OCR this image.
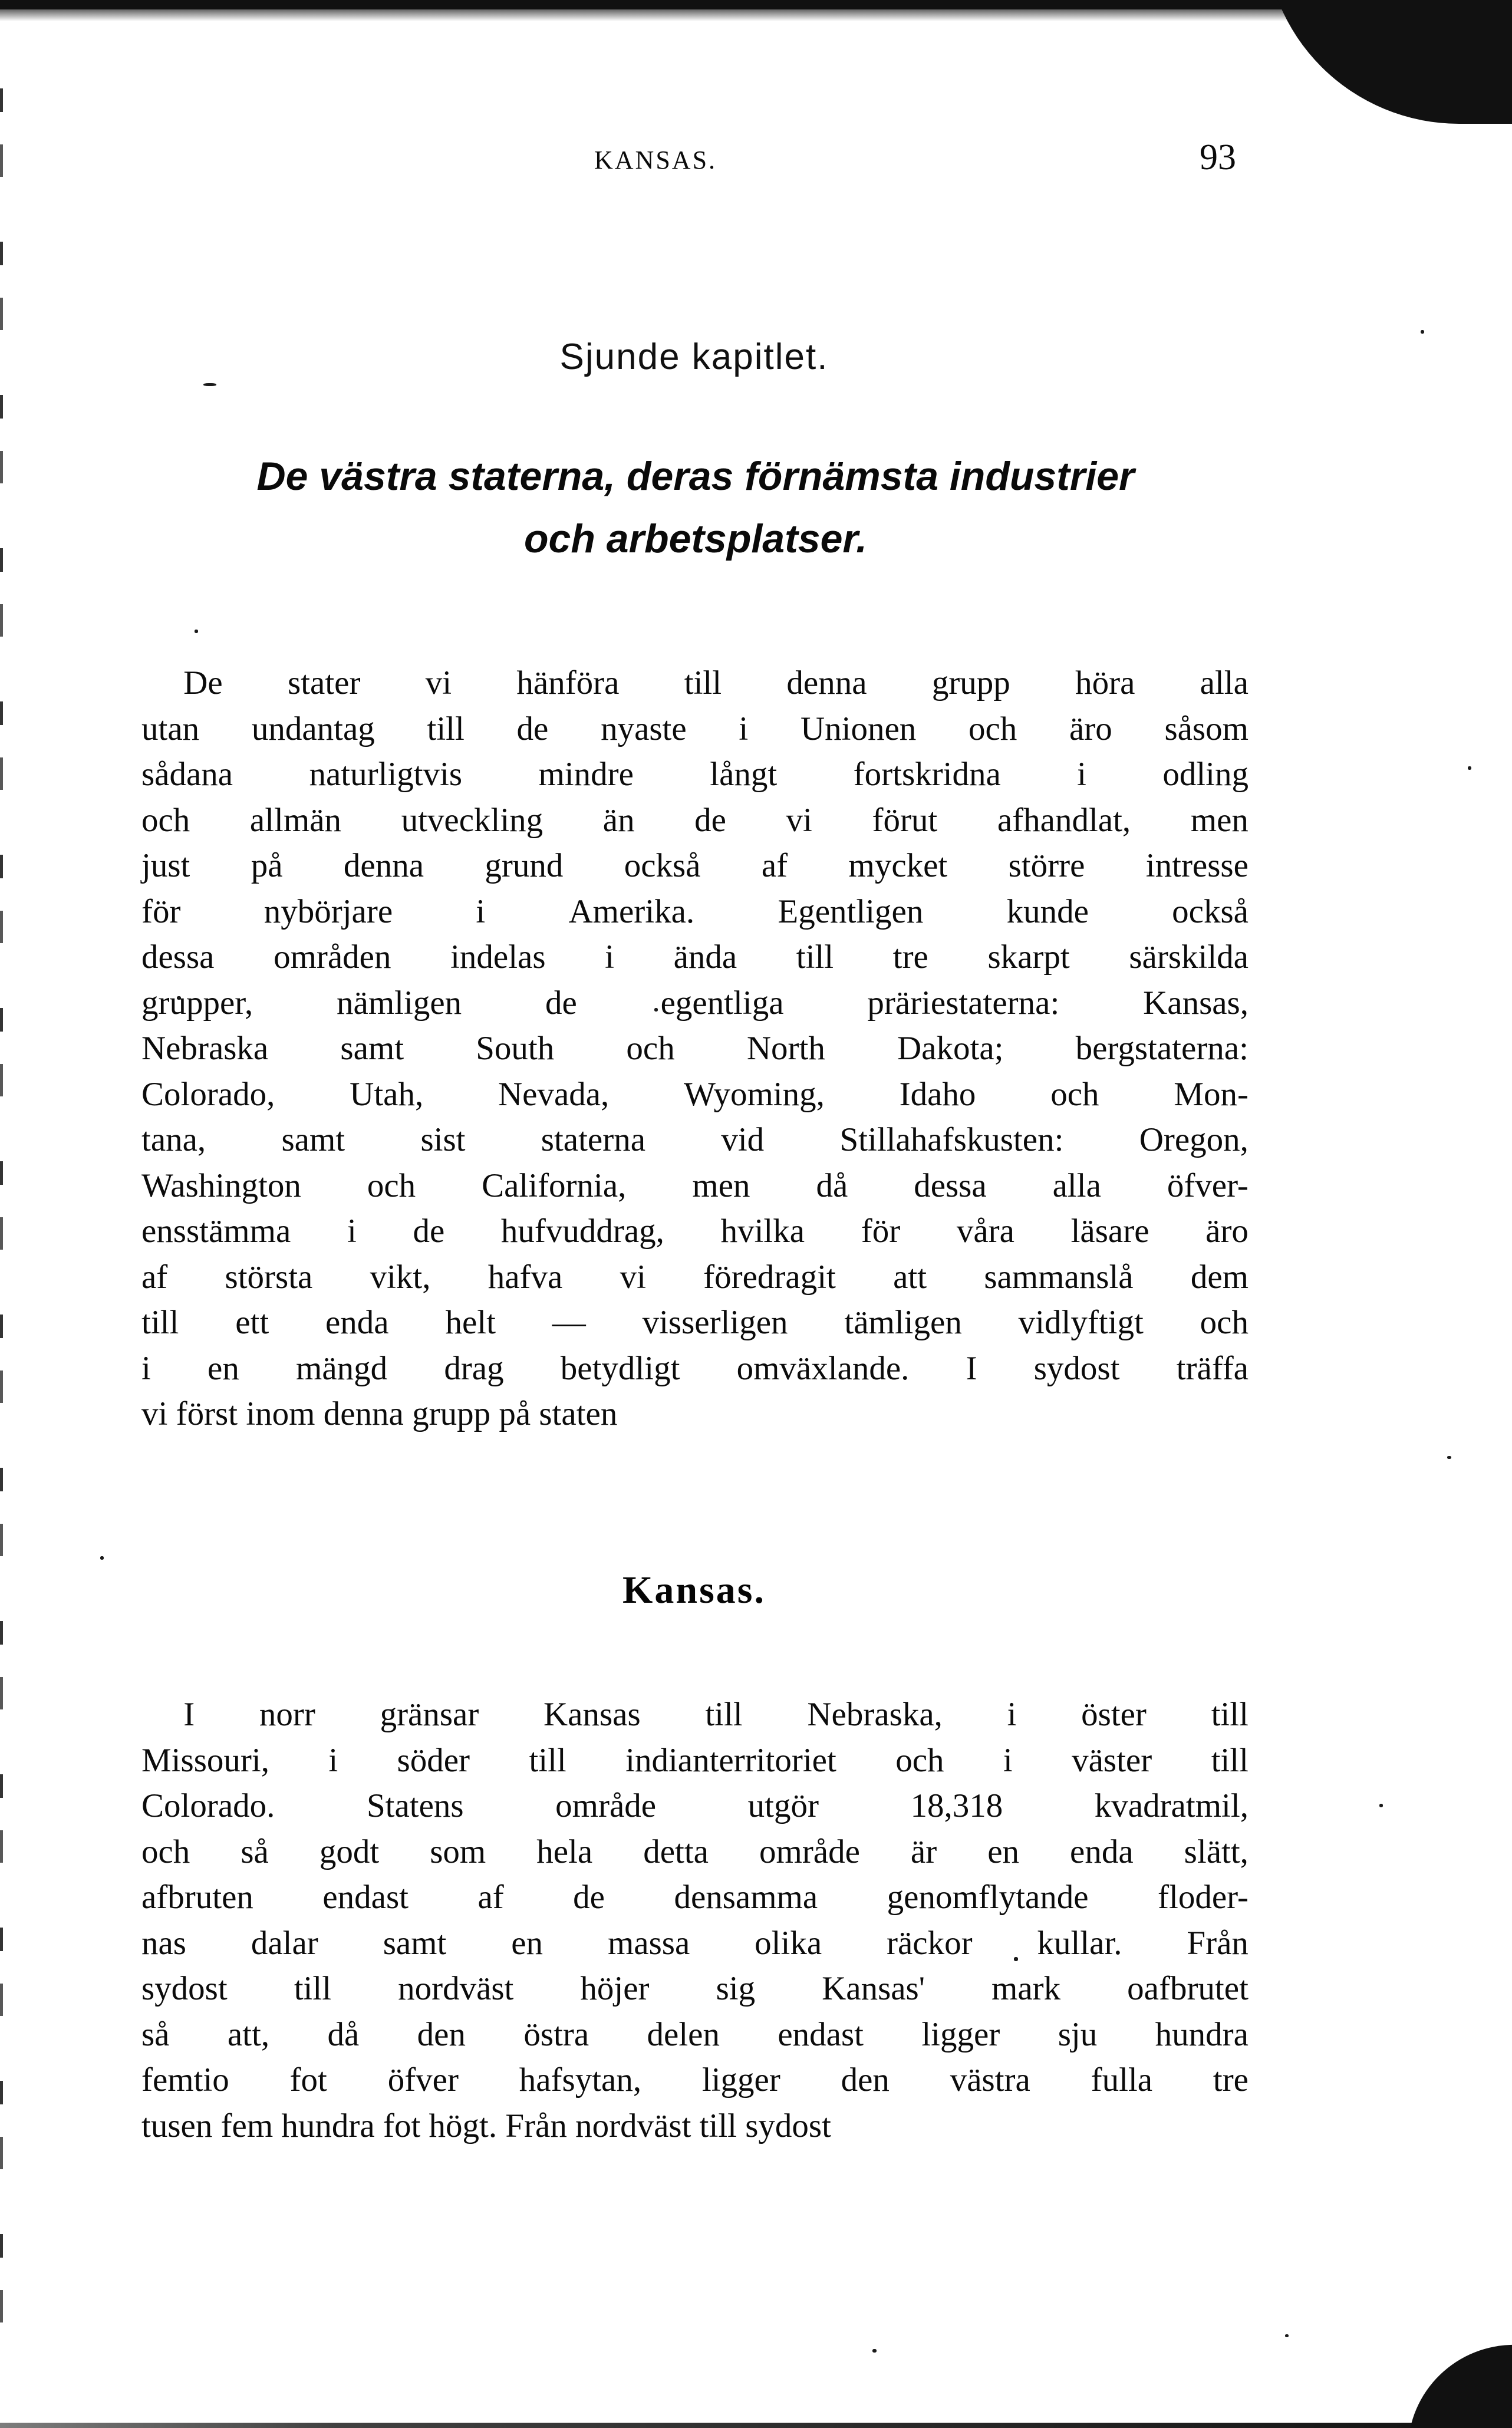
KANSAS.	93
Sjunde kapitlet.
De västra staterna, deras förnämsta industrier
och arbetsplatser.
De stater vi hänföra till denna grupp höra alla
utan undantag till de nyaste i Unionen och äro såsom
sådana naturligtvis mindre långt fortskridna i odling
och allmän utveckling än de vi förut afhandlat, men
just på denna grund också af mycket större intresse
för nybörjare i Amerika. Egentligen kunde också
dessa områden indelas i ända till tre skarpt särskilda
grupper, nämligen de egentliga präriestaterna: Kansas,
Nebraska samt South och North Dakota; bergstaterna:
Colorado, Utah, Nevada, Wyoming, Idaho och Mon-
tana, samt sist staterna vid Stillahafskusten: Oregon,
Washington och California, men då dessa alla öfver-
ensstämma i de hufvuddrag, hvilka för våra läsare äro
af största vikt, hafva vi föredragit att sammanslå dem
till ett enda helt — visserligen tämligen vidlyftigt och
i en mängd drag betydligt omväxlande. I sydost träffa
vi först inom denna grupp på staten
Kansas.
I norr gränsar Kansas till Nebraska, i öster till
Missouri, i söder till indianterritoriet och i väster till
Colorado.	Statens	område	utgör	18,318	kvadratmil,
och så godt som hela detta område är en enda slätt,
afbruten endast af de densamma genomflytande floder-
nas dalar samt en massa olika räckor kullar. Från
sydost till nordväst höjer sig Kansas' mark oafbrutet
så att, då den östra delen endast ligger sju hundra
femtio fot öfver hafsytan, ligger den västra fulla tre
tusen fem hundra fot högt. Från nordväst till sydost
